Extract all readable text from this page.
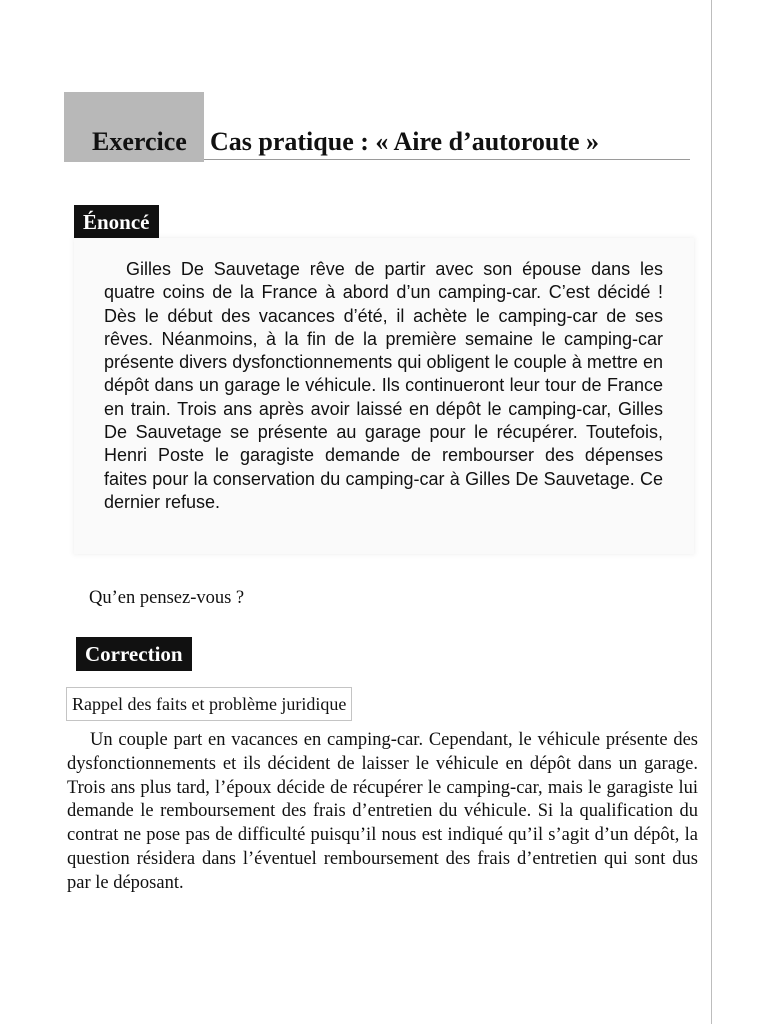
Exercice Cas pratique : « Aire d’autoroute »
Énoncé

Gilles De Sauvetage rêve de partir avec son épouse dans les quatre coins de la France à abord d’un camping-car. C’est décidé ! Dès le début des vacances d’été, il achète le camping-car de ses rêves. Néanmoins, à la fin de la première semaine le camping-car présente divers dysfonctionnements qui obligent le couple à mettre en dépôt dans un garage le véhicule. Ils continueront leur tour de France en train. Trois ans après avoir laissé en dépôt le camping-car, Gilles De Sauvetage se présente au garage pour le récupérer. Toutefois, Henri Poste le garagiste demande de rembourser des dépenses faites pour la conservation du camping-car à Gilles De Sauvetage. Ce dernier refuse.

Qu’en pensez-vous ?
Correction
Rappel des faits et problème juridique

Un couple part en vacances en camping-car. Cependant, le véhicule présente des dysfonctionnements et ils décident de laisser le véhicule en dépôt dans un garage. Trois ans plus tard, l’époux décide de récupérer le camping-car, mais le garagiste lui demande le remboursement des frais d’entretien du véhicule. Si la qualification du contrat ne pose pas de difficulté puisqu’il nous est indiqué qu’il s’agit d’un dépôt, la question résidera dans l’éventuel remboursement des frais d’entretien qui sont dus par le déposant.
